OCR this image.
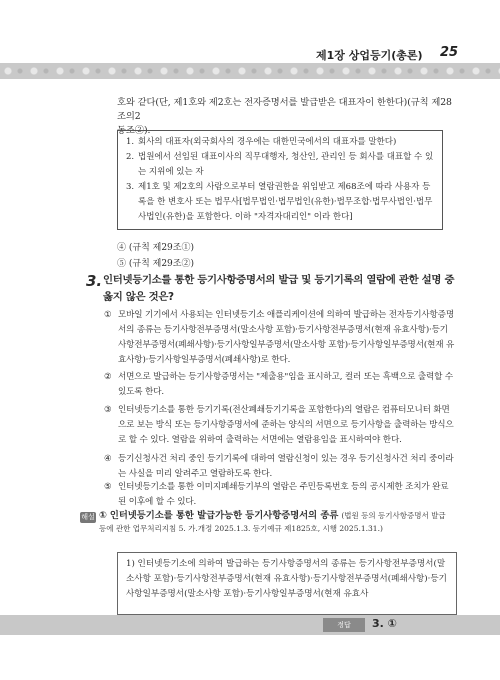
제1장 상업등기(총론) 25
호와 같다(단, 제1호와 제2호는 전자증명서를 발급받은 대표자이 한한다)(규칙 제28조의2
동조②).
1. 회사의 대표자(외국회사의 경우에는 대한민국에서의 대표자를 말한다)
2. 법원에서 선임된 대표이사의 직무대행자, 청산인, 관리인 등 회사를 대표할 수 있는 지위에 있는 자
3. 제1호 및 제2호의 사람으로부터 열람권한을 위임받고 제68조에 따라 사용자 등록을 한 변호사 또는 법무사[법무법인·법무법인(유한)·법무조합·법무사법인·법무사법인(유한)을 포함한다. 이하 "자격자대리인" 이라 한다]
④ (규칙 제29조①)
⑤ (규칙 제29조②)
3. 인터넷등기소를 통한 등기사항증명서의 발급 및 등기기록의 열람에 관한 설명 중 옳지 않은 것은?
① 모바일 기기에서 사용되는 인터넷등기소 애플리케이션에 의하여 발급하는 전자등기사항증명서의 종류는 등기사항전부증명서(말소사항 포함)·등기사항전부증명서(현재 유효사항)·등기사항전부증명서(폐쇄사항)·등기사항일부증명서(말소사항 포함)·등기사항일부증명서(현재 유효사항)·등기사항일부증명서(폐쇄사항)로 한다.
② 서면으로 발급하는 등기사항증명서는 "제출용"임을 표시하고, 컬러 또는 흑백으로 출력할 수 있도록 한다.
③ 인터넷등기소를 통한 등기기록(전산폐쇄등기기록을 포함한다)의 열람은 컴퓨터모니터 화면으로 보는 방식 또는 등기사항증명서에 준하는 양식의 서면으로 등기사항을 출력하는 방식으로 할 수 있다. 열람을 위하여 출력하는 서면에는 열람용임을 표시하여야 한다.
④ 등기신청사건 처리 중인 등기기록에 대하여 열람신청이 있는 경우 등기신청사건 처리 중이라는 사실을 미리 알려주고 열람하도록 한다.
⑤ 인터넷등기소를 통한 이미지폐쇄등기부의 열람은 주민등록번호 등의 공시제한 조치가 완료된 이후에 할 수 있다.
해설 ① 인터넷등기소를 통한 발급가능한 등기사항증명서의 종류 (법원 등의 등기사항증명서 발급 등에 관한 업무처리지침 5. 가.개정 2025.1.3. 등기예규 제1825호, 시행 2025.1.31.)
1) 인터넷등기소에 의하여 발급하는 등기사항증명서의 종류는 등기사항전부증명서(말소사항 포함)·등기사항전부증명서(현재 유효사항)·등기사항전부증명서(폐쇄사항)·등기사항일부증명서(말소사항 포함)·등기사항일부증명서(현재 유효사
정답	3. ①
